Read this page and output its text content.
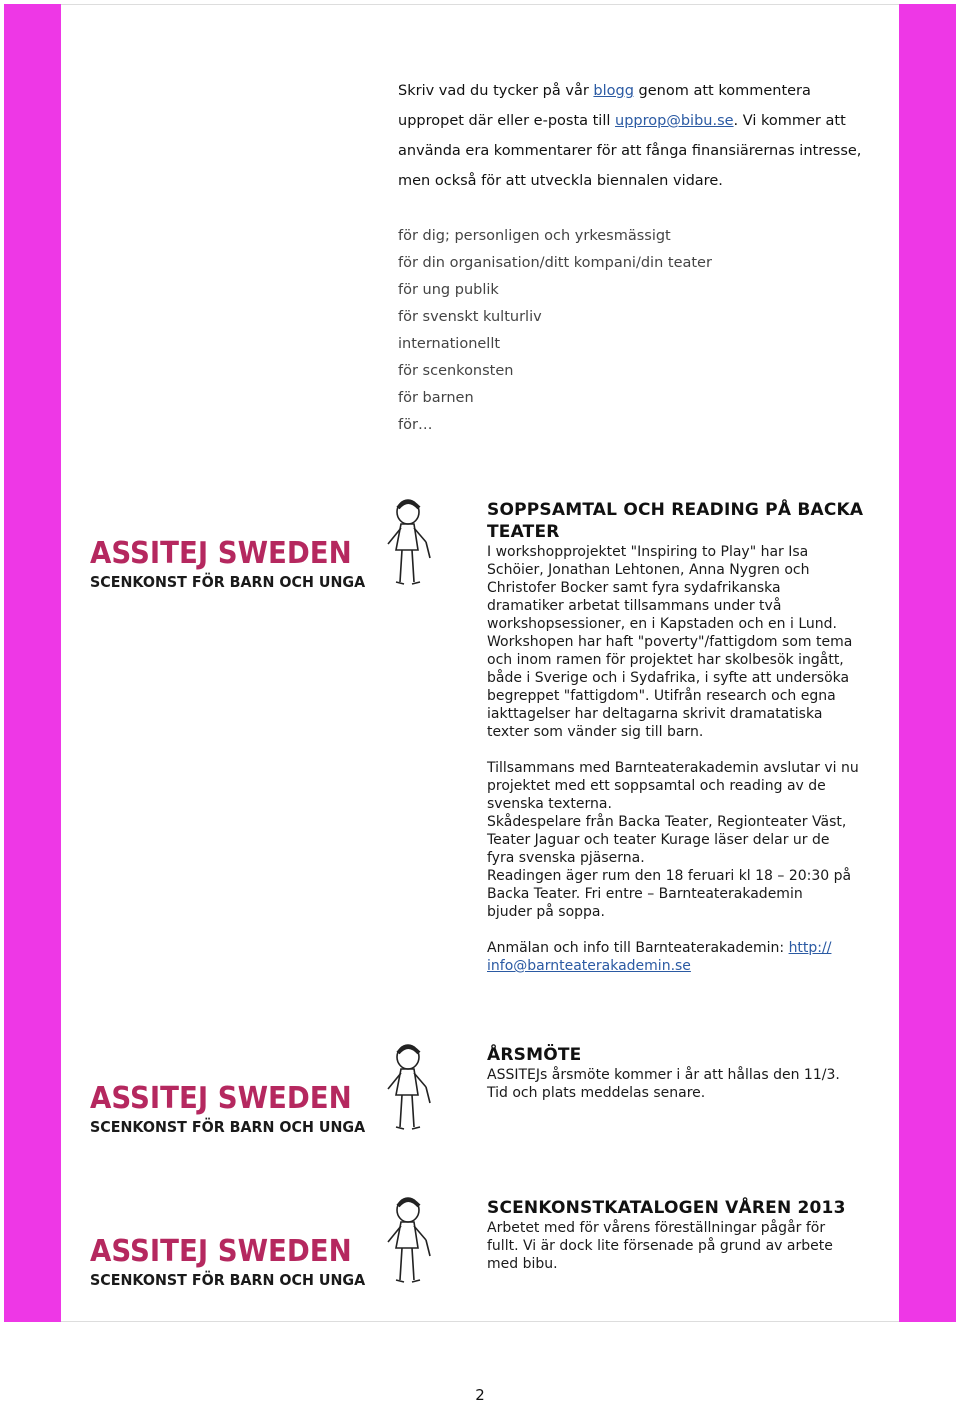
Skriv vad du tycker på vår blogg genom att kommentera
uppropet där eller e-posta till upprop@bibu.se. Vi kommer att
använda era kommentarer för att fånga finansiärernas intresse,
men också för att utveckla biennalen vidare.
för dig; personligen och yrkesmässigt
för din organisation/ditt kompani/din teater
för ung publik
för svenskt kulturliv
internationellt
för scenkonsten
för barnen
för…
ASSITEJ SWEDEN
SCENKONST FÖR BARN OCH UNGA
SOPPSAMTAL OCH READING PÅ BACKA
TEATER

I workshopprojektet "Inspiring to Play" har Isa
Schöier, Jonathan Lehtonen, Anna Nygren och
Christofer Bocker samt fyra sydafrikanska
dramatiker arbetat tillsammans under två
workshopsessioner, en i Kapstaden och en i Lund.
Workshopen har haft "poverty"/fattigdom som tema
och inom ramen för projektet har skolbesök ingått,
både i Sverige och i Sydafrika, i syfte att undersöka
begreppet "fattigdom". Utifrån research och egna
iakttagelser har deltagarna skrivit dramatatiska
texter som vänder sig till barn.

Tillsammans med Barnteaterakademin avslutar vi nu
projektet med ett soppsamtal och reading av de
svenska texterna.
Skådespelare från Backa Teater, Regionteater Väst,
Teater Jaguar och teater Kurage läser delar ur de
fyra svenska pjäserna.
Readingen äger rum den 18 feruari kl 18 – 20:30 på
Backa Teater. Fri entre – Barnteaterakademin
bjuder på soppa.

Anmälan och info till Barnteaterakademin: http://
info@barnteaterakademin.se

ASSITEJ SWEDEN
SCENKONST FÖR BARN OCH UNGA
ÅRSMÖTE

ASSITEJs årsmöte kommer i år att hållas den 11/3.
Tid och plats meddelas senare.

ASSITEJ SWEDEN
SCENKONST FÖR BARN OCH UNGA
SCENKONSTKATALOGEN VÅREN 2013

Arbetet med för vårens föreställningar pågår för
fullt. Vi är dock lite försenade på grund av arbete
med bibu.

2
